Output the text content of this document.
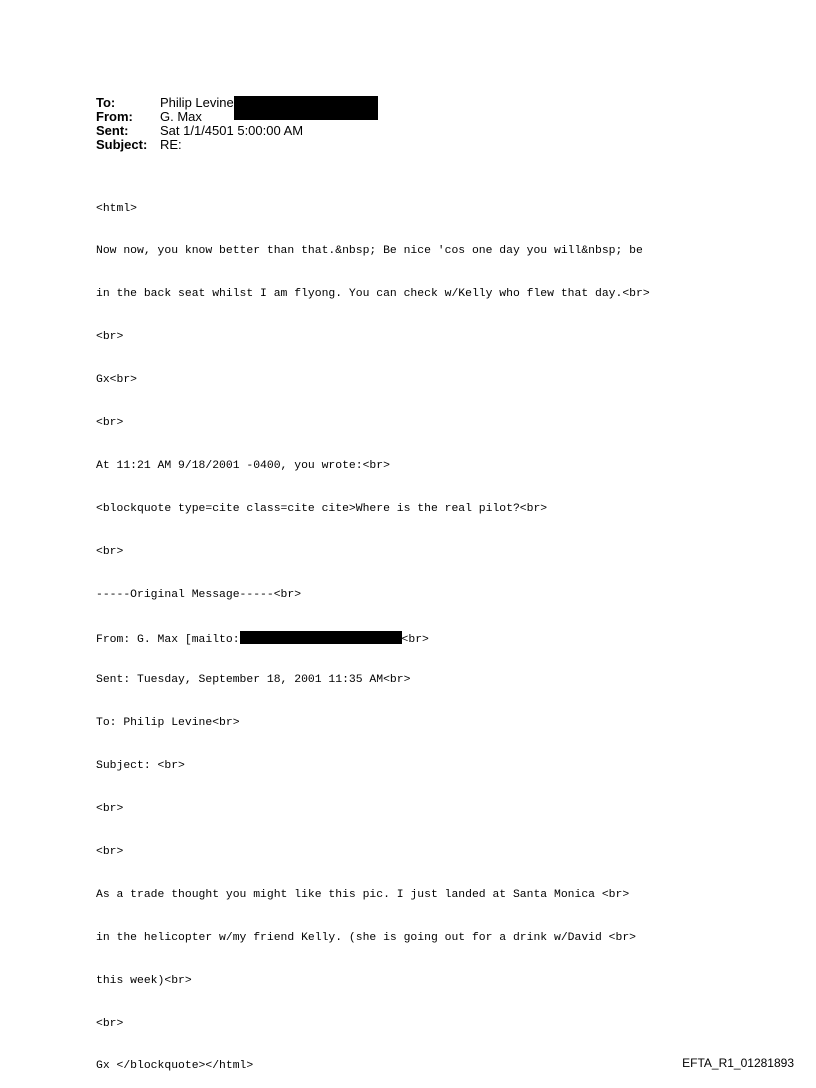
To:	Philip Levine
From:	G. Max
Sent:	Sat 1/1/4501 5:00:00 AM
Subject: RE:

<html>

Now now, you know better than that.&nbsp; Be nice 'cos one day you will&nbsp; be

in the back seat whilst I am flyong. You can check w/Kelly who flew that day.<br>

<br>

Gx<br>

<br>

At 11:21 AM 9/18/2001 -0400, you wrote:<br>

<blockquote type=cite class=cite cite>Where is the real pilot?<br>

<br>

-----Original Message-----<br>

From: G. Max [mailto:	<br>

Sent: Tuesday, September 18, 2001 11:35 AM<br>

To: Philip Levine<br>

Subject: <br>

<br>

<br>

As a trade thought you might like this pic. I just landed at Santa Monica <br>

in the helicopter w/my friend Kelly. (she is going out for a drink w/David <br>

this week)<br>

<br>

Gx </blockquote></html>	EFTA_R1_01281893
